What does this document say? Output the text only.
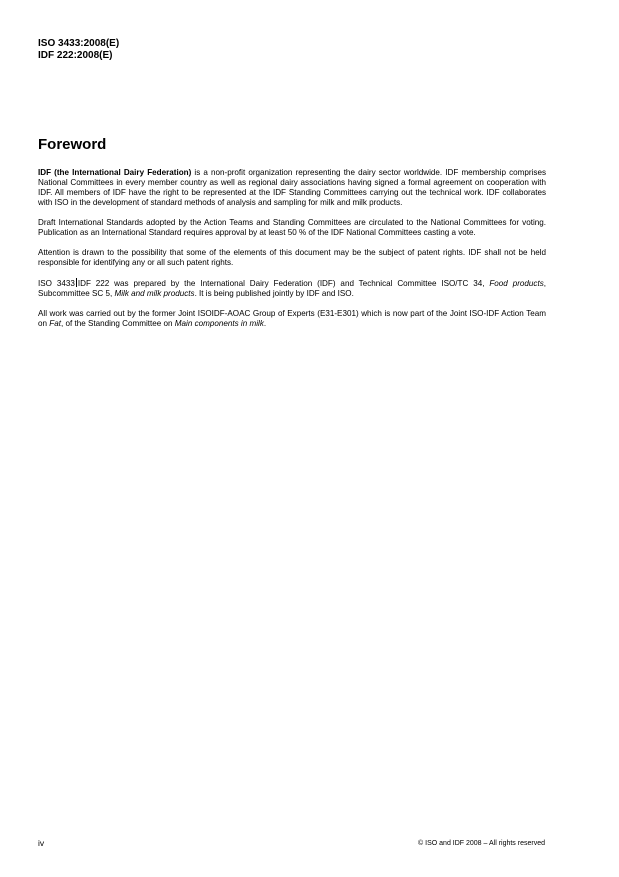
ISO 3433:2008(E)
IDF 222:2008(E)
Foreword

IDF (the International Dairy Federation) is a non-profit organization representing the dairy sector worldwide. IDF membership comprises National Committees in every member country as well as regional dairy associations having signed a formal agreement on cooperation with IDF. All members of IDF have the right to be represented at the IDF Standing Committees carrying out the technical work. IDF collaborates with ISO in the development of standard methods of analysis and sampling for milk and milk products.

Draft International Standards adopted by the Action Teams and Standing Committees are circulated to the National Committees for voting. Publication as an International Standard requires approval by at least 50 % of the IDF National Committees casting a vote.

Attention is drawn to the possibility that some of the elements of this document may be the subject of patent rights. IDF shall not be held responsible for identifying any or all such patent rights.

ISO 3433 IDF 222 was prepared by the International Dairy Federation (IDF) and Technical Committee ISO/TC 34, Food products, Subcommittee SC 5, Milk and milk products. It is being published jointly by IDF and ISO.

All work was carried out by the former Joint ISOIDF-AOAC Group of Experts (E31-E301) which is now part of the Joint ISO-IDF Action Team on Fat, of the Standing Committee on Main components in milk.

iv	© ISO and IDF 2008 – All rights reserved
